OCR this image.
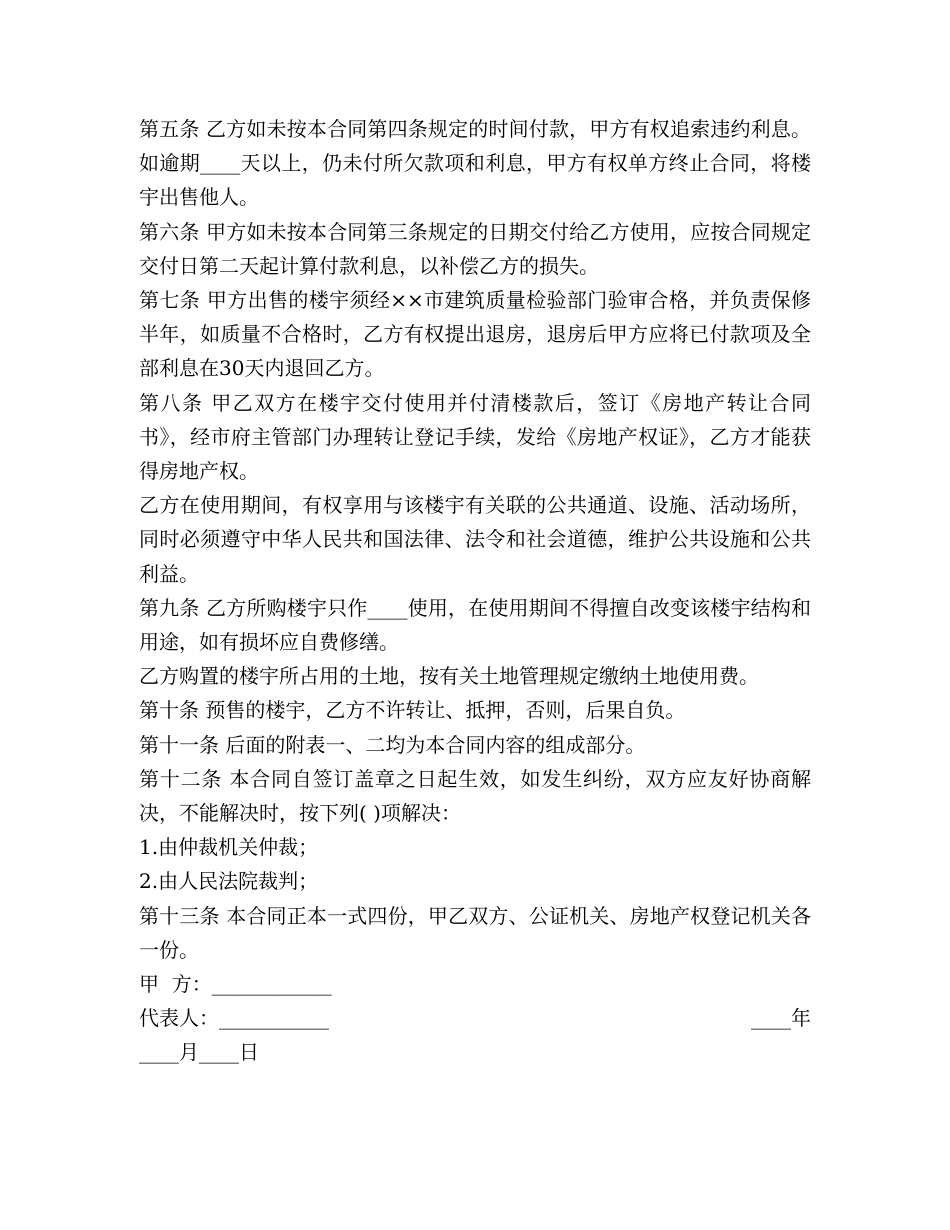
第五条 乙方如未按本合同第四条规定的时间付款，甲方有权追索违约利息。如逾期____天以上，仍未付所欠款项和利息，甲方有权单方终止合同，将楼宇出售他人。

第六条 甲方如未按本合同第三条规定的日期交付给乙方使用，应按合同规定交付日第二天起计算付款利息，以补偿乙方的损失。

第七条 甲方出售的楼宇须经××市建筑质量检验部门验审合格，并负责保修半年，如质量不合格时，乙方有权提出退房，退房后甲方应将已付款项及全部利息在30天内退回乙方。

第八条 甲乙双方在楼宇交付使用并付清楼款后，签订《房地产转让合同书》，经市府主管部门办理转让登记手续，发给《房地产权证》，乙方才能获得房地产权。

乙方在使用期间，有权享用与该楼宇有关联的公共通道、设施、活动场所，同时必须遵守中华人民共和国法律、法令和社会道德，维护公共设施和公共利益。

第九条 乙方所购楼宇只作____使用，在使用期间不得擅自改变该楼宇结构和用途，如有损坏应自费修缮。

乙方购置的楼宇所占用的土地，按有关土地管理规定缴纳土地使用费。

第十条 预售的楼宇，乙方不许转让、抵押，否则，后果自负。

第十一条 后面的附表一、二均为本合同内容的组成部分。

第十二条 本合同自签订盖章之日起生效，如发生纠纷，双方应友好协商解决，不能解决时，按下列( )项解决：

1.由仲裁机关仲裁；

2.由人民法院裁判；

第十三条 本合同正本一式四份，甲乙双方、公证机关、房地产权登记机关各一份。

甲  方：____________
代表人：___________	____年
____月____日
